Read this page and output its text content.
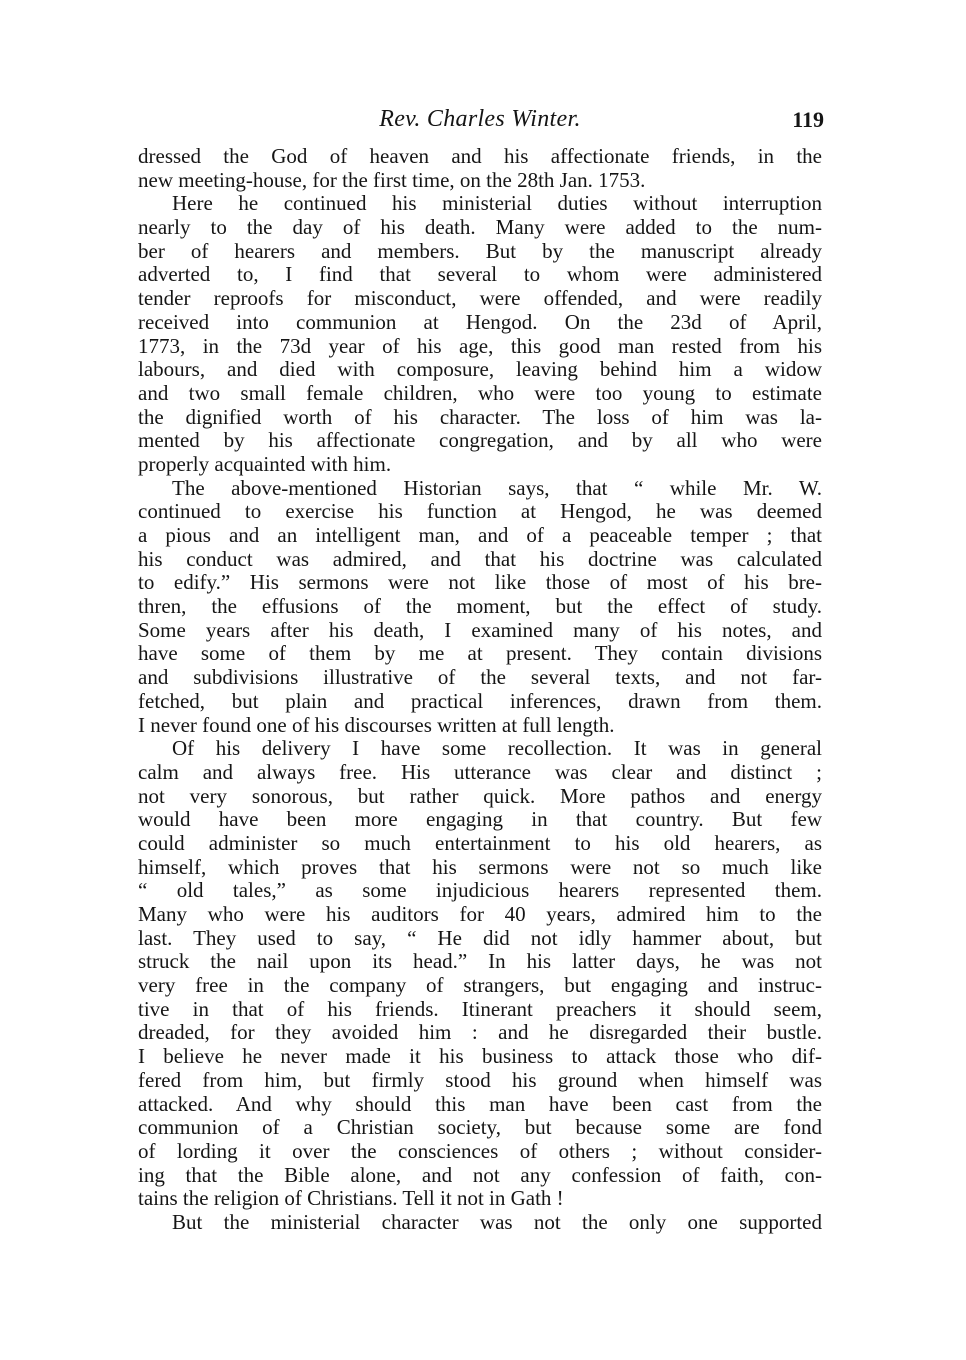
Rev. Charles Winter.	119
dressed the God of heaven and his affectionate friends, in the
new meeting-house, for the first time, on the 28th Jan. 1753.
Here he continued his ministerial duties without interruption
nearly to the day of his death. Many were added to the num-
ber of hearers and members. But by the manuscript already
adverted to, I find that several to whom were administered
tender reproofs for misconduct, were offended, and were readily
received into communion at Hengod. On the 23d of April,
1773, in the 73d year of his age, this good man rested from his
labours, and died with composure, leaving behind him a widow
and two small female children, who were too young to estimate
the dignified worth of his character. The loss of him was la-
mented by his affectionate congregation, and by all who were
properly acquainted with him.
The above-mentioned Historian says, that “ while Mr. W.
continued to exercise his function at Hengod, he was deemed
a pious and an intelligent man, and of a peaceable temper ; that
his conduct was admired, and that his doctrine was calculated
to edify.” His sermons were not like those of most of his bre-
thren, the effusions of the moment, but the effect of study.
Some years after his death, I examined many of his notes, and
have some of them by me at present. They contain divisions
and subdivisions illustrative of the several texts, and not far-
fetched, but plain and practical inferences, drawn from them.
I never found one of his discourses written at full length.
Of his delivery I have some recollection. It was in general
calm and always free. His utterance was clear and distinct ;
not very sonorous, but rather quick. More pathos and energy
would have been more engaging in that country. But few
could administer so much entertainment to his old hearers, as
himself, which proves that his sermons were not so much like
“ old tales,” as some injudicious hearers represented them.
Many who were his auditors for 40 years, admired him to the
last. They used to say, “ He did not idly hammer about, but
struck the nail upon its head.” In his latter days, he was not
very free in the company of strangers, but engaging and instruc-
tive in that of his friends. Itinerant preachers it should seem,
dreaded, for they avoided him : and he disregarded their bustle.
I believe he never made it his business to attack those who dif-
fered from him, but firmly stood his ground when himself was
attacked. And why should this man have been cast from the
communion of a Christian society, but because some are fond
of lording it over the consciences of others ; without consider-
ing that the Bible alone, and not any confession of faith, con-
tains the religion of Christians. Tell it not in Gath !
But the ministerial character was not the only one supported
